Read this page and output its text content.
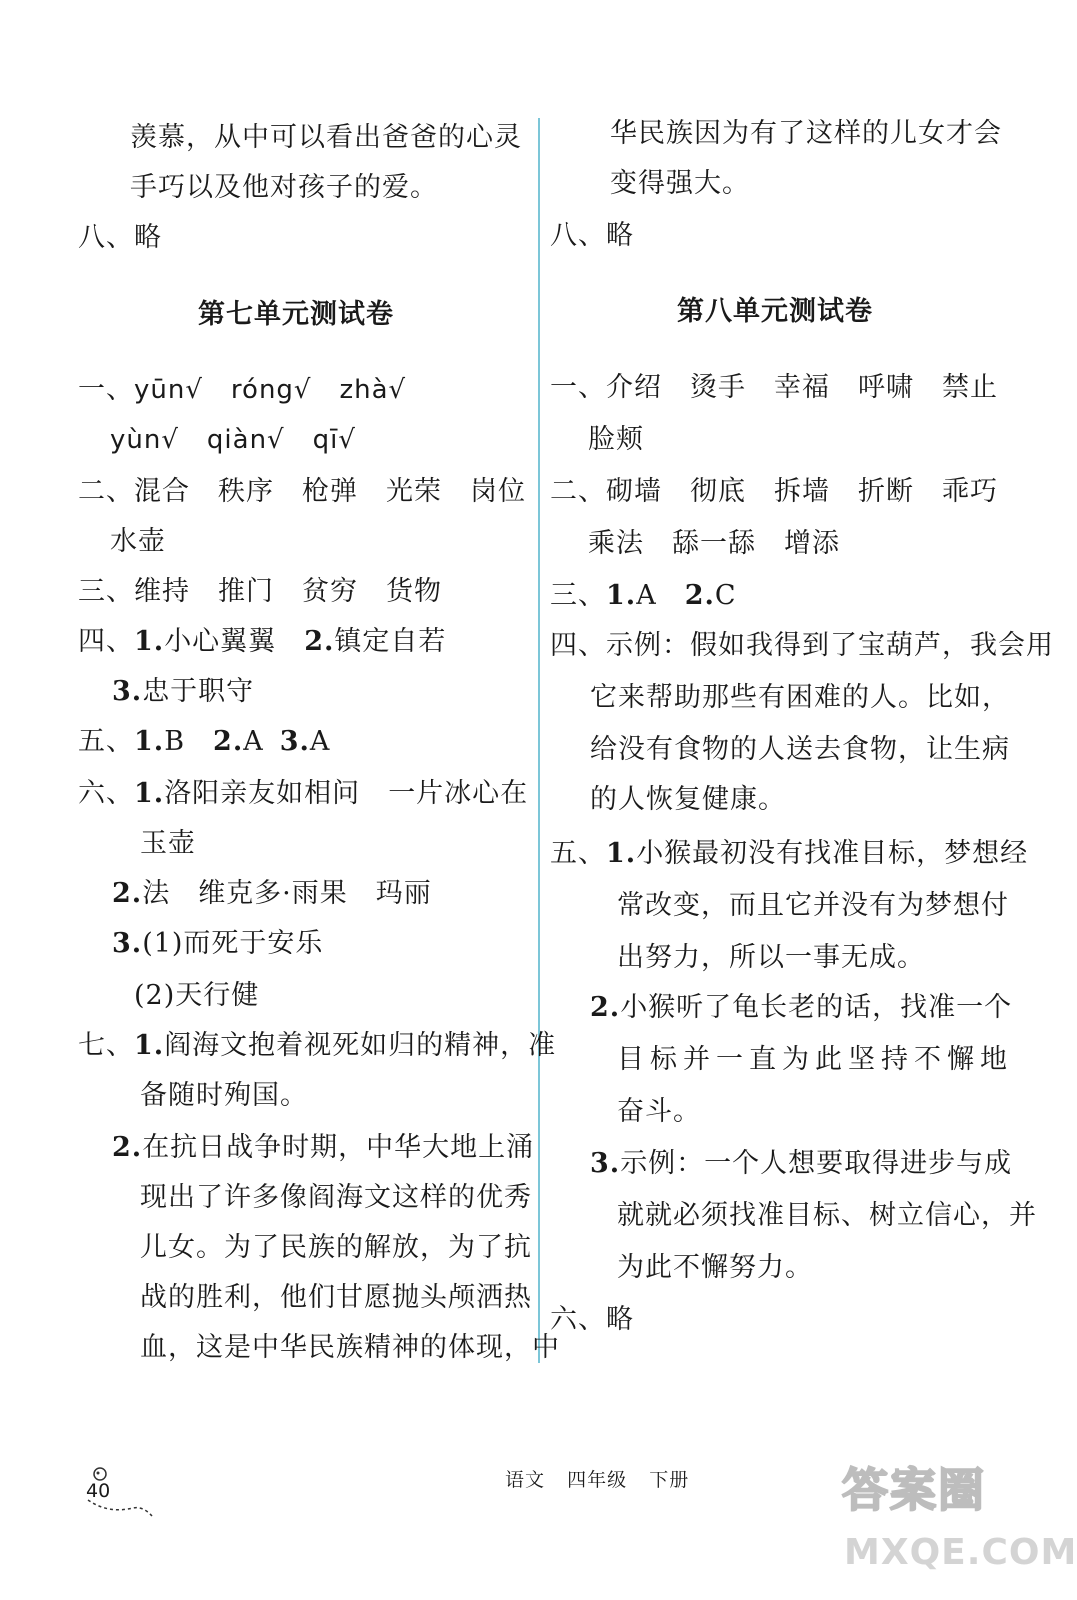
羡慕，从中可以看出爸爸的心灵
手巧以及他对孩子的爱。
八、略
第七单元测试卷
一、yūn√ róng√ zhà√
yùn√ qiàn√ qī√
二、混合 秩序 枪弹 光荣 岗位
水壶
三、维持 推门 贫穷 货物
四、1.小心翼翼 2.镇定自若
3.忠于职守
五、1.B 2.A 3.A
六、1.洛阳亲友如相问 一片冰心在
玉壶
2.法 维克多·雨果 玛丽
3.(1)而死于安乐
(2)天行健
七、1.阎海文抱着视死如归的精神，准
备随时殉国。
2.在抗日战争时期，中华大地上涌
现出了许多像阎海文这样的优秀
儿女。为了民族的解放，为了抗
战的胜利，他们甘愿抛头颅洒热
血，这是中华民族精神的体现，中
华民族因为有了这样的儿女才会
变得强大。
八、略
第八单元测试卷
一、介绍 烫手 幸福 呼啸 禁止
脸颊
二、砌墙 彻底 拆墙 折断 乖巧
乘法 舔一舔 增添
三、1.A 2.C
四、示例：假如我得到了宝葫芦，我会用
它来帮助那些有困难的人。比如，
给没有食物的人送去食物，让生病
的人恢复健康。
五、1.小猴最初没有找准目标，梦想经
常改变，而且它并没有为梦想付
出努力，所以一事无成。
2.小猴听了龟长老的话，找准一个
目标并一直为此坚持不懈地
奋斗。
3.示例：一个人想要取得进步与成
就就必须找准目标、树立信心，并
为此不懈努力。
六、略
40	语文 四年级 下册	答案圈
MXQE.COM
